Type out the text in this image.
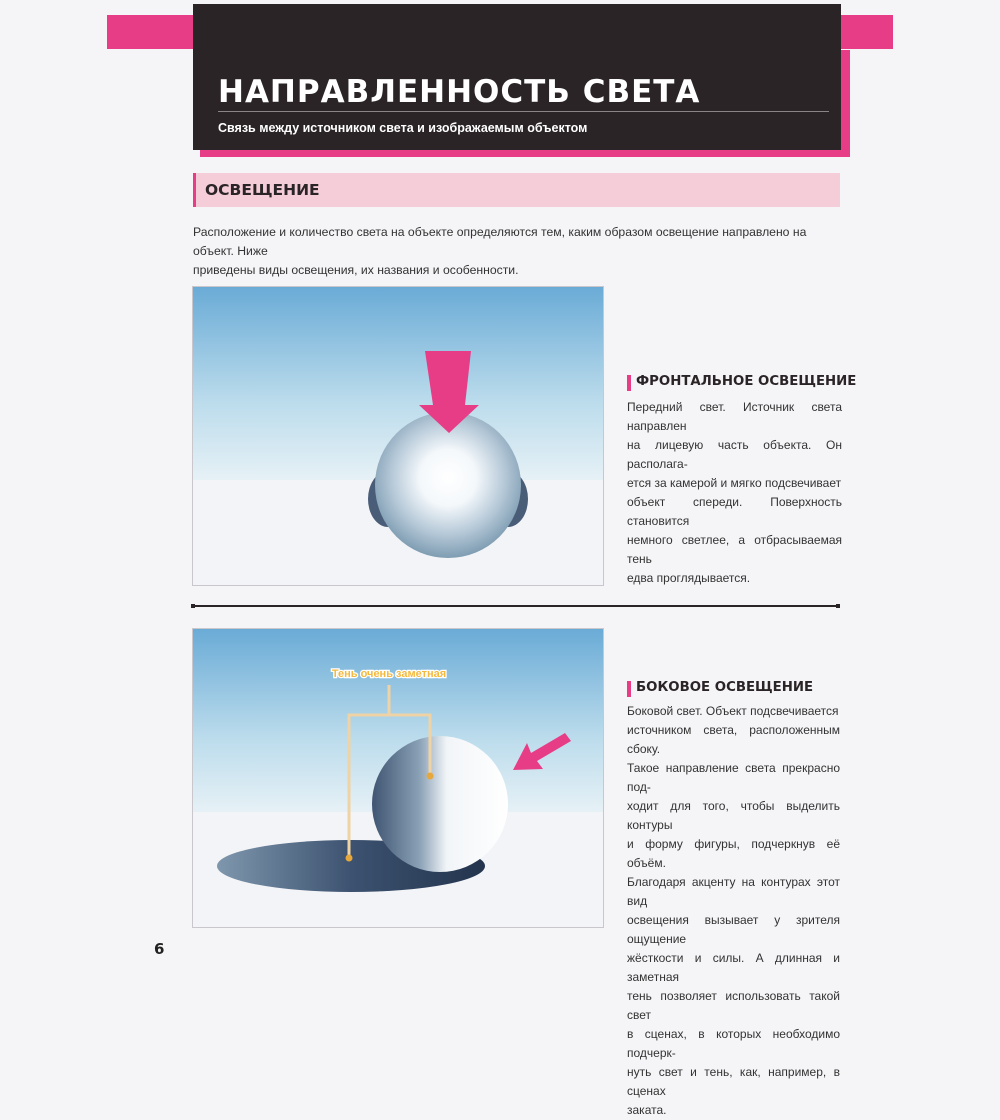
НАПРАВЛЕННОСТЬ СВЕТА

Связь между источником света и изображаемым объектом

ОСВЕЩЕНИЕ

Расположение и количество света на объекте определяются тем, каким образом освещение направлено на объект. Ниже
приведены виды освещения, их названия и особенности.

Тень очень заметная
ФРОНТАЛЬНОЕ ОСВЕЩЕНИЕ

Передний свет. Источник света направлен
на лицевую часть объекта. Он располага-
ется за камерой и мягко подсвечивает
объект спереди. Поверхность становится
немного светлее, а отбрасываемая тень
едва проглядывается.

БОКОВОЕ ОСВЕЩЕНИЕ

Боковой свет. Объект подсвечивается
источником света, расположенным сбоку.
Такое направление света прекрасно под-
ходит для того, чтобы выделить контуры
и форму фигуры, подчеркнув её объём.
Благодаря акценту на контурах этот вид
освещения вызывает у зрителя ощущение
жёсткости и силы. А длинная и заметная
тень позволяет использовать такой свет
в сценах, в которых необходимо подчерк-
нуть свет и тень, как, например, в сценах
заката.

6
